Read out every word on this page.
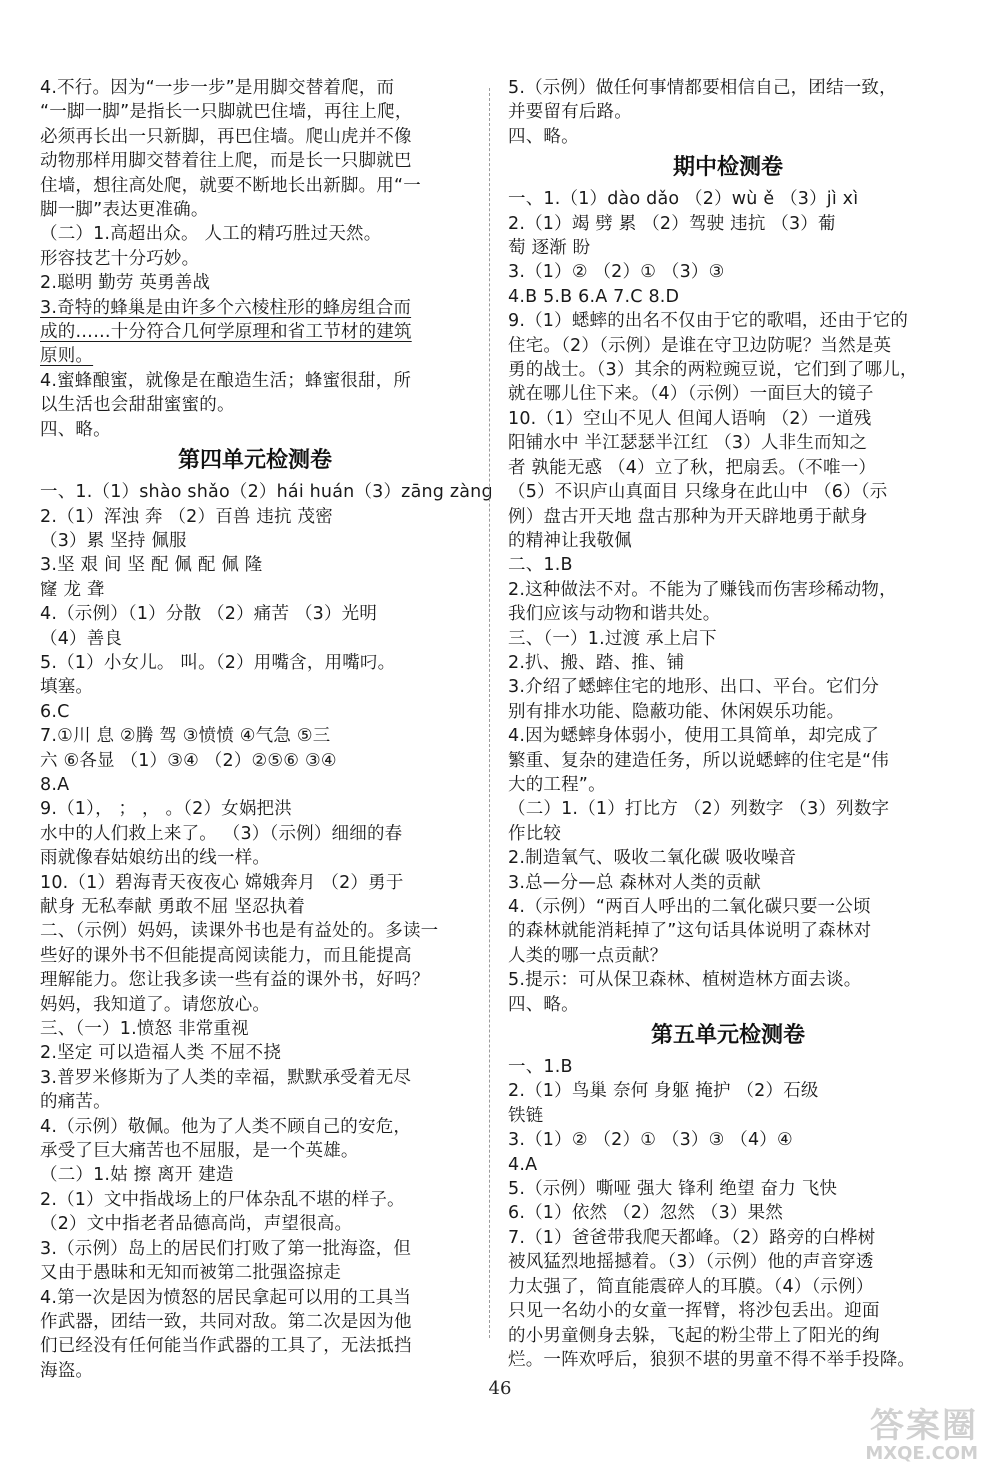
4.不行。因为“一步一步”是用脚交替着爬，而
“一脚一脚”是指长一只脚就巴住墙，再往上爬，
必须再长出一只新脚，再巴住墙。爬山虎并不像
动物那样用脚交替着往上爬，而是长一只脚就巴
住墙，想往高处爬，就要不断地长出新脚。用“一
脚一脚”表达更准确。
（二）1.高超出众。 人工的精巧胜过天然。
形容技艺十分巧妙。
2.聪明 勤劳 英勇善战
3.奇特的蜂巢是由许多个六棱柱形的蜂房组合而
成的……十分符合几何学原理和省工节材的建筑
原则。
4.蜜蜂酿蜜，就像是在酿造生活；蜂蜜很甜，所
以生活也会甜甜蜜蜜的。
四、略。
第四单元检测卷
一、1.（1）shào shǎo（2）hái huán（3）zāng zàng
2.（1）浑浊 奔 （2）百兽 违抗 茂密
（3）累 坚持 佩服
3.坚 艰 间 坚 配 佩 配 佩 隆
窿 龙 聋
4.（示例）（1）分散 （2）痛苦 （3）光明
（4）善良
5.（1）小女儿。 叫。（2）用嘴含，用嘴叼。
填塞。
6.C
7.①川 息 ②腾 驾 ③愤愤 ④气急 ⑤三
六 ⑥各显 （1）③④ （2）②⑤⑥ ③④
8.A
9.（1）， ； ， 。（2）女娲把洪
水中的人们救上来了。 （3）（示例）细细的春
雨就像春姑娘纺出的线一样。
10.（1）碧海青天夜夜心 嫦娥奔月 （2）勇于
献身 无私奉献 勇敢不屈 坚忍执着
二、（示例）妈妈，读课外书也是有益处的。多读一
些好的课外书不但能提高阅读能力，而且能提高
理解能力。您让我多读一些有益的课外书，好吗？
妈妈，我知道了。请您放心。
三、（一）1.愤怒 非常重视
2.坚定 可以造福人类 不屈不挠
3.普罗米修斯为了人类的幸福，默默承受着无尽
的痛苦。
4.（示例）敬佩。他为了人类不顾自己的安危，
承受了巨大痛苦也不屈服，是一个英雄。
（二）1.姑 擦 离开 建造
2.（1）文中指战场上的尸体杂乱不堪的样子。
（2）文中指老者品德高尚，声望很高。
3.（示例）岛上的居民们打败了第一批海盗，但
又由于愚昧和无知而被第二批强盗掠走
4.第一次是因为愤怒的居民拿起可以用的工具当
作武器，团结一致，共同对敌。第二次是因为他
们已经没有任何能当作武器的工具了，无法抵挡
海盗。
5.（示例）做任何事情都要相信自己，团结一致，
并要留有后路。
四、略。
期中检测卷
一、1.（1）dào dǎo （2）wù ě （3）jì xì
2.（1）竭 劈 累 （2）驾驶 违抗 （3）葡
萄 逐渐 盼
3.（1）② （2）① （3）③
4.B 5.B 6.A 7.C 8.D
9.（1）蟋蟀的出名不仅由于它的歌唱，还由于它的
住宅。（2）（示例）是谁在守卫边防呢？当然是英
勇的战士。（3）其余的两粒豌豆说，它们到了哪儿，
就在哪儿住下来。（4）（示例）一面巨大的镜子
10.（1）空山不见人 但闻人语响 （2）一道残
阳铺水中 半江瑟瑟半江红 （3）人非生而知之
者 孰能无惑 （4）立了秋，把扇丢。（不唯一）
（5）不识庐山真面目 只缘身在此山中 （6）（示
例）盘古开天地 盘古那种为开天辟地勇于献身
的精神让我敬佩
二、1.B
2.这种做法不对。不能为了赚钱而伤害珍稀动物，
我们应该与动物和谐共处。
三、（一）1.过渡 承上启下
2.扒、搬、踏、推、铺
3.介绍了蟋蟀住宅的地形、出口、平台。它们分
别有排水功能、隐蔽功能、休闲娱乐功能。
4.因为蟋蟀身体弱小，使用工具简单，却完成了
繁重、复杂的建造任务，所以说蟋蟀的住宅是“伟
大的工程”。
（二）1.（1）打比方 （2）列数字 （3）列数字
作比较
2.制造氧气、吸收二氧化碳 吸收噪音
3.总—分—总 森林对人类的贡献
4.（示例）“两百人呼出的二氧化碳只要一公顷
的森林就能消耗掉了”这句话具体说明了森林对
人类的哪一点贡献？
5.提示：可从保卫森林、植树造林方面去谈。
四、略。
第五单元检测卷
一、1.B
2.（1）鸟巢 奈何 身躯 掩护 （2）石级
铁链
3.（1）② （2）① （3）③ （4）④
4.A
5.（示例）嘶哑 强大 锋利 绝望 奋力 飞快
6.（1）依然 （2）忽然 （3）果然
7.（1）爸爸带我爬天都峰。（2）路旁的白桦树
被风猛烈地摇撼着。（3）（示例）他的声音穿透
力太强了，简直能震碎人的耳膜。（4）（示例）
只见一名幼小的女童一挥臂，将沙包丢出。迎面
的小男童侧身去躲，飞起的粉尘带上了阳光的绚
烂。一阵欢呼后，狼狈不堪的男童不得不举手投降。
46
答案圈
MXQE.COM
